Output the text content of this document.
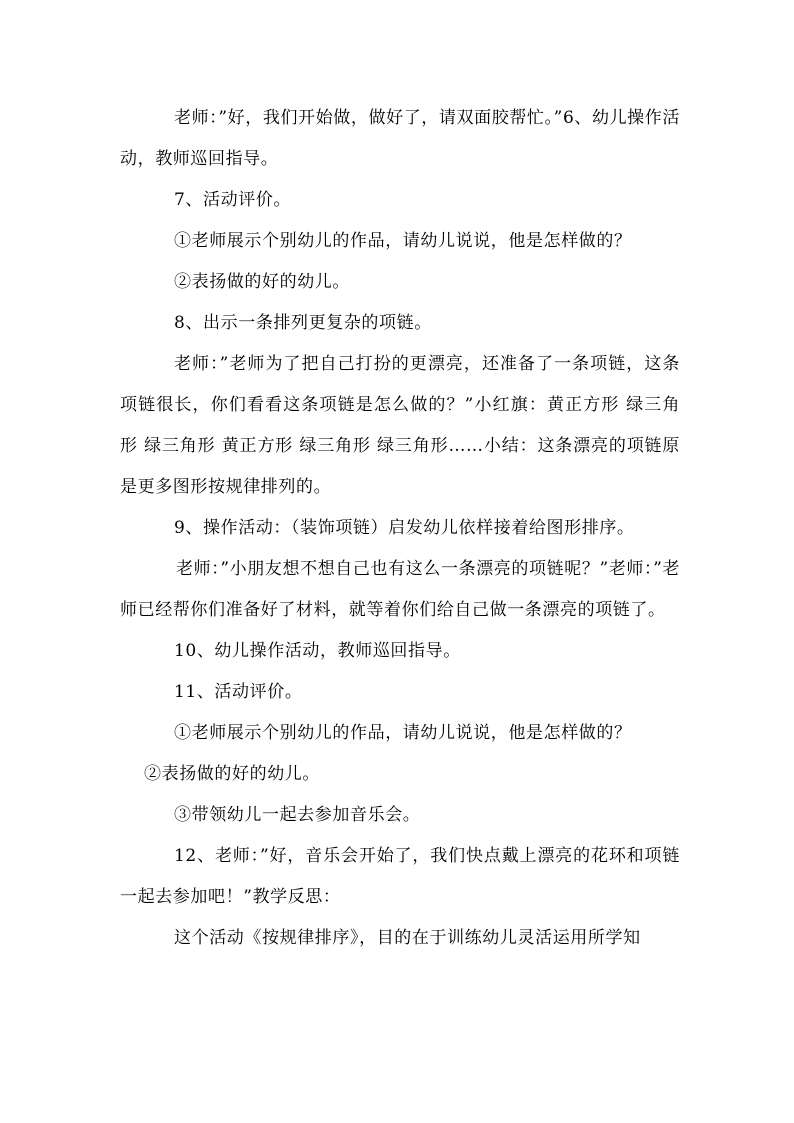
老师：”好，我们开始做，做好了，请双面胶帮忙。”6、幼儿操作活动，教师巡回指导。

7、活动评价。

①老师展示个别幼儿的作品，请幼儿说说，他是怎样做的？

②表扬做的好的幼儿。

8、出示一条排列更复杂的项链。

老师：”老师为了把自己打扮的更漂亮，还准备了一条项链，这条项链很长，你们看看这条项链是怎么做的？”小红旗：黄正方形 绿三角形 绿三角形 黄正方形 绿三角形 绿三角形……小结：这条漂亮的项链原是更多图形按规律排列的。

9、操作活动：（装饰项链）启发幼儿依样接着给图形排序。

老师：”小朋友想不想自己也有这么一条漂亮的项链呢？”老师：”老师已经帮你们准备好了材料，就等着你们给自己做一条漂亮的项链了。

10、幼儿操作活动，教师巡回指导。

11、活动评价。

①老师展示个别幼儿的作品，请幼儿说说，他是怎样做的？

②表扬做的好的幼儿。

③带领幼儿一起去参加音乐会。

12、老师：”好，音乐会开始了，我们快点戴上漂亮的花环和项链一起去参加吧！”教学反思：

这个活动《按规律排序》，目的在于训练幼儿灵活运用所学知
